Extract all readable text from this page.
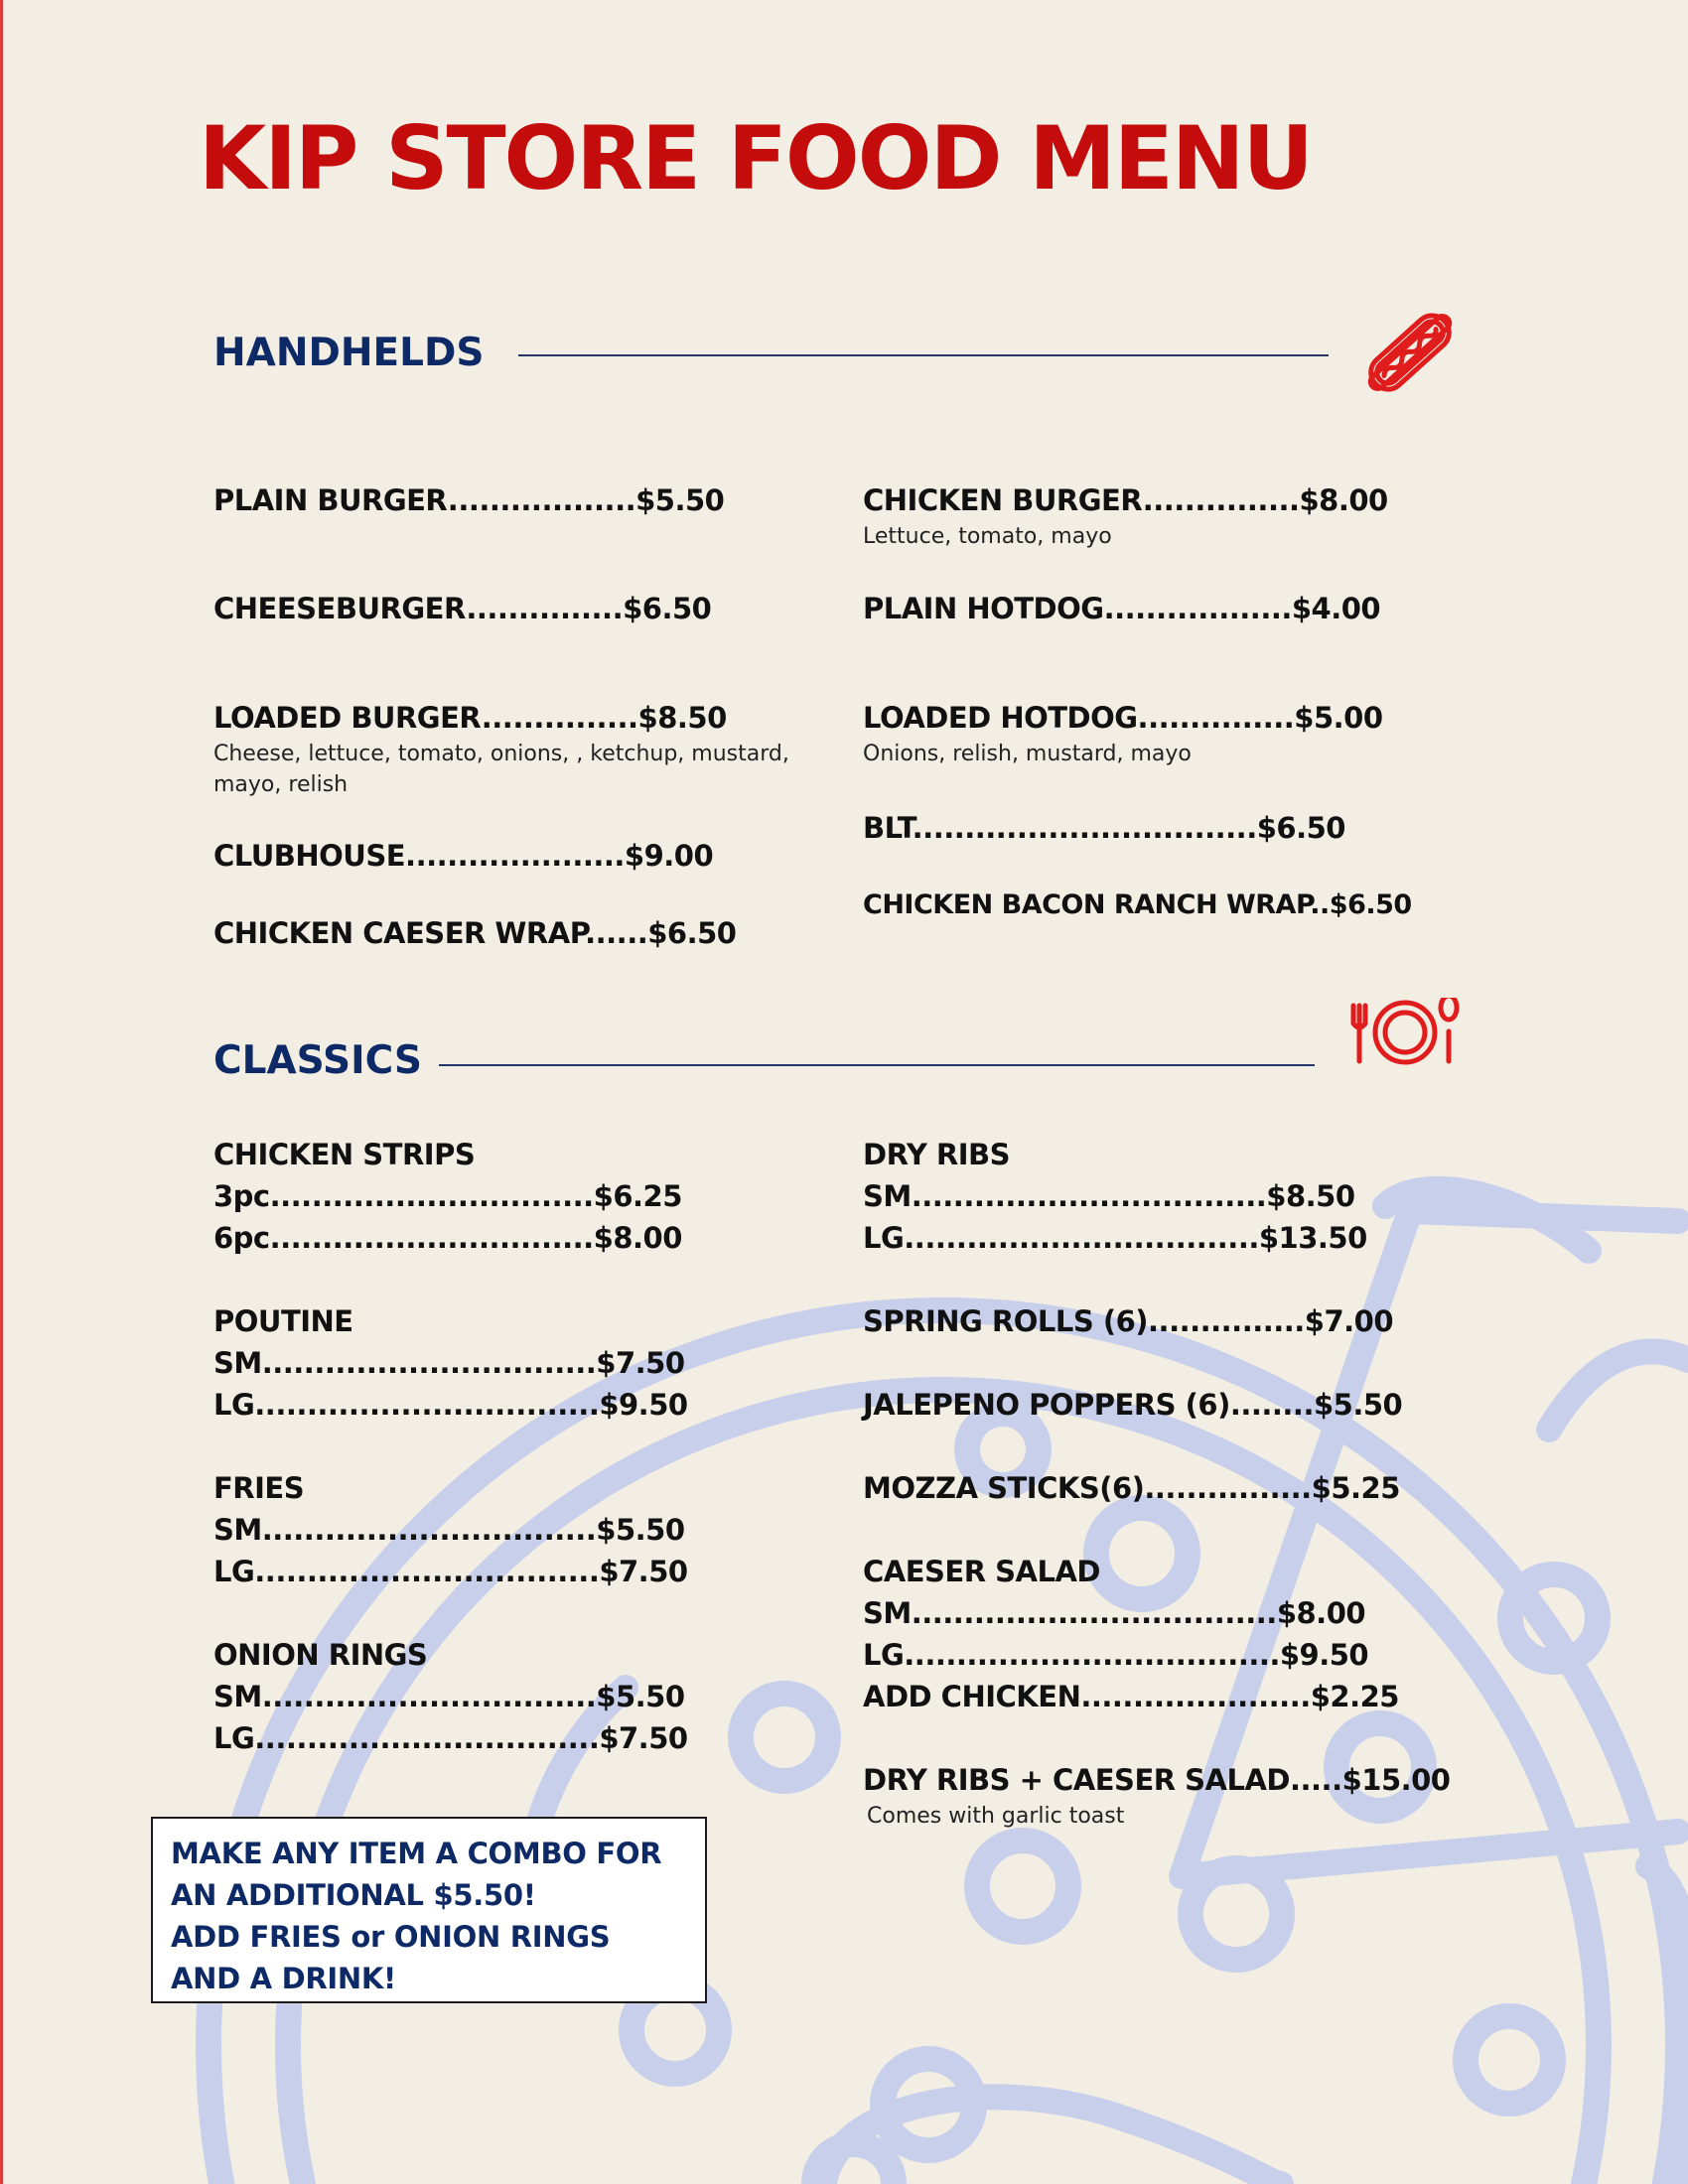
KIP STORE FOOD MENU
HANDHELDS
PLAIN BURGER..................$5.50	CHICKEN BURGER...............$8.00
Lettuce, tomato, mayo
CHEESEBURGER...............$6.50	PLAIN HOTDOG..................$4.00
LOADED BURGER...............$8.50
Cheese, lettuce, tomato, onions, , ketchup, mustard, mayo, relish
LOADED HOTDOG...............$5.00
Onions, relish, mustard, mayo
BLT.................................$6.50
CLUBHOUSE.....................$9.00
CHICKEN BACON RANCH WRAP..$6.50
CHICKEN CAESER WRAP......$6.50
CLASSICS
CHICKEN STRIPS
3pc...............................$6.25
6pc...............................$8.00
POUTINE
SM................................$7.50
LG.................................$9.50
FRIES
SM................................$5.50
LG.................................$7.50
ONION RINGS
SM................................$5.50
LG.................................$7.50
DRY RIBS
SM..................................$8.50
LG..................................$13.50
SPRING ROLLS (6)...............$7.00
JALEPENO POPPERS (6)........$5.50
MOZZA STICKS(6)................$5.25
CAESER SALAD
SM...................................$8.00
LG....................................$9.50
ADD CHICKEN......................$2.25
DRY RIBS + CAESER SALAD.....$15.00
Comes with garlic toast
MAKE ANY ITEM A COMBO FOR AN ADDITIONAL $5.50!
ADD FRIES or ONION RINGS AND A DRINK!
